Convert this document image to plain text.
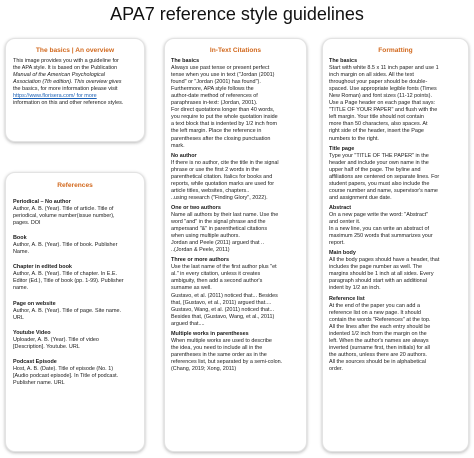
APA7 reference style guidelines
The basics | An overview
This image provides you with a guideline for
the APA style. It is based on the Publication
Manual of the American Psychological
Association (7th edition). This overview gives
the basics, for more information please visit
https://www.florisera.com/ for more
information on this and other reference styles.
References
Periodical – No author
Author, A. B. (Year). Title of article. Title of
periodical, volume number(issue number),
pages. DOI
Book
Author, A. B. (Year). Title of book. Publisher
Name.
Chapter in edited book
Author, A. B. (Year). Title of chapter. In E.E.
Editor (Ed.), Title of book (pp. 1-99). Publisher
name.
Page on website
Author, A. B. (Year). Title of page. Site name.
URL
Youtube Video
Uploader, A. B. (Year). Title of video
[Description]. Youtube. URL
Podcast Episode
Host, A. B. (Date). Title of episode (No. 1)
[Audio podcast episode]. In Title of podcast.
Publisher name. URL
In-Text Citations
The basics
Always use past tense or present perfect
tense when you use in text ("Jordan (2001)
found" or "Jordan (2001) has found").
Furthermore, APA style follows the
author-date method of references of
paraphrases in-text: (Jordan, 2001).
For direct quotations longer than 40 words,
you require to put the whole quotation inside
a text block that is indented by 1/2 inch from
the left margin. Place the reference in
parentheses after the closing punctuation
mark.
No author
If there is no author, cite the title in the signal
phrase or use the first 2 words in the
parenthetical citation. Italics for books and
reports, while quotation marks are used for
article titles, websites, chapters..
..using research ("Finding Glory", 2022).
One or two authors
Name all authors by their last name. Use the
word "and" in the signal phrase and the
ampersand "&" in parenthetical citations
when using multiple authors.
Jordan and Peele (2011) argued that ..
..(Jordan & Peele, 2011)
Three or more authors
Use the last name of the first author plus "et
al." in every citation, unless it creates
ambiguity, then add a second author's
surname as well.
Gustavo, et al. (2011) noticed that... Besides
that, [Gustavo, et al., 2011) argued that....
Gustavo, Wang, et al. (2011) noticed that...
Besides that, (Gustavo, Wang, et al., 2011)
argued that....
Multiple works in parentheses
When multiple works are used to describe
the idea, you need to include all in the
parentheses in the same order as in the
references list, but separated by a semi-colon.
(Chang, 2019; Xong, 2011)
Formatting
The basics
Start with white 8.5 x 11 inch paper and use 1
inch margin on all sides. All the text
throughout your paper should be double-
spaced. Use appropriate legible fonts (Times
New Roman) and font sizes (11-12 points).
Use a Page header on each page that says:
"TITLE OF YOUR PAPER" and flush with the
left margin. Your title should not contain
more than 50 characters, also spaces. At
right side of the header, insert the Page
numbers to the right.
Title page
Type your "TITLE OF THE PAPER" in the
header and include your own name in the
upper half of the page. The byline and
affiliations are centered on separate lines. For
student papers, you must also include the
course number and name, supervisor's name
and assignment due date.
Abstract
On a new page write the word: "Abstract"
and center it.
In a new line, you can write an abstract of
maximum 250 words that summarizes your
report.
Main body
All the body pages should have a header, that
includes the page number as well. The
margins should be 1 inch at all sides. Every
paragraph should start with an additional
indent by 1/2 an inch.
Reference list
At the end of the paper you can add a
reference list on a new page. It should
contain the words "References" at the top.
All the lines after the each entry should be
indented 1/2 inch from the margin on the
left. When the author's names are always
inverted (surname first, then initials) for all
the authors, unless there are 20 authors.
All the sources should be in alphabetical
order.
